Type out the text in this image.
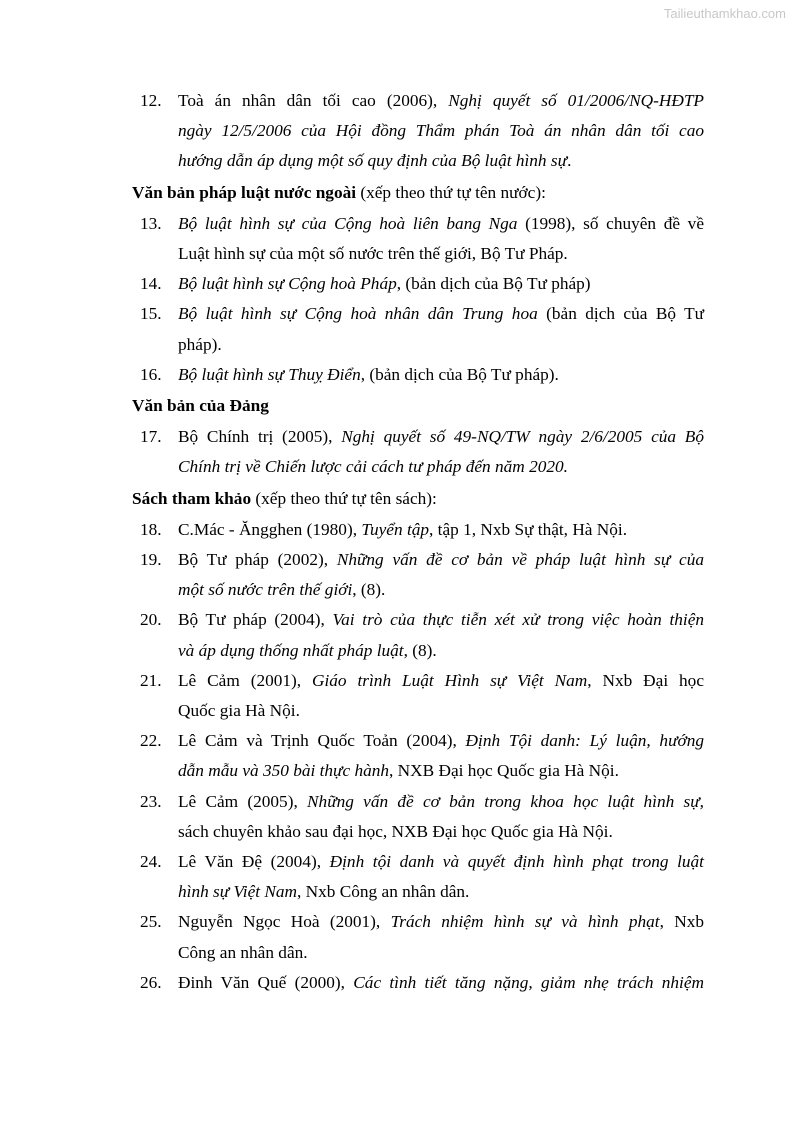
Tailieuthamkhao.com
12. Toà án nhân dân tối cao (2006), Nghị quyết số 01/2006/NQ-HĐTP
ngày 12/5/2006 của Hội đồng Thẩm phán Toà án nhân dân tối cao
hướng dẫn áp dụng một số quy định của Bộ luật hình sự.
Văn bản pháp luật nước ngoài (xếp theo thứ tự tên nước):
13. Bộ luật hình sự của Cộng hoà liên bang Nga (1998), số chuyên đề về
Luật hình sự của một số nước trên thế giới, Bộ Tư Pháp.
14. Bộ luật hình sự Cộng hoà Pháp, (bản dịch của Bộ Tư pháp)
15. Bộ luật hình sự Cộng hoà nhân dân Trung hoa (bản dịch của Bộ Tư
pháp).
16. Bộ luật hình sự Thuỵ Điển, (bản dịch của Bộ Tư pháp).
Văn bản của Đảng
17. Bộ Chính trị (2005), Nghị quyết số 49-NQ/TW ngày 2/6/2005 của Bộ
Chính trị về Chiến lược cải cách tư pháp đến năm 2020.
Sách tham khảo (xếp theo thứ tự tên sách):
18. C.Mác - Ăngghen (1980), Tuyển tập, tập 1, Nxb Sự thật, Hà Nội.
19. Bộ Tư pháp (2002), Những vấn đề cơ bản về pháp luật hình sự của
một số nước trên thế giới, (8).
20. Bộ Tư pháp (2004), Vai trò của thực tiễn xét xử trong việc hoàn thiện
và áp dụng thống nhất pháp luật, (8).
21. Lê Cảm (2001), Giáo trình Luật Hình sự Việt Nam, Nxb Đại học
Quốc gia Hà Nội.
22. Lê Cảm và Trịnh Quốc Toản (2004), Định Tội danh: Lý luận, hướng
dẫn mẫu và 350 bài thực hành, NXB Đại học Quốc gia Hà Nội.
23. Lê Cảm (2005), Những vấn đề cơ bản trong khoa học luật hình sự,
sách chuyên khảo sau đại học, NXB Đại học Quốc gia Hà Nội.
24. Lê Văn Đệ (2004), Định tội danh và quyết định hình phạt trong luật
hình sự Việt Nam, Nxb Công an nhân dân.
25. Nguyễn Ngọc Hoà (2001), Trách nhiệm hình sự và hình phạt, Nxb
Công an nhân dân.
26. Đinh Văn Quế (2000), Các tình tiết tăng nặng, giảm nhẹ trách nhiệm
